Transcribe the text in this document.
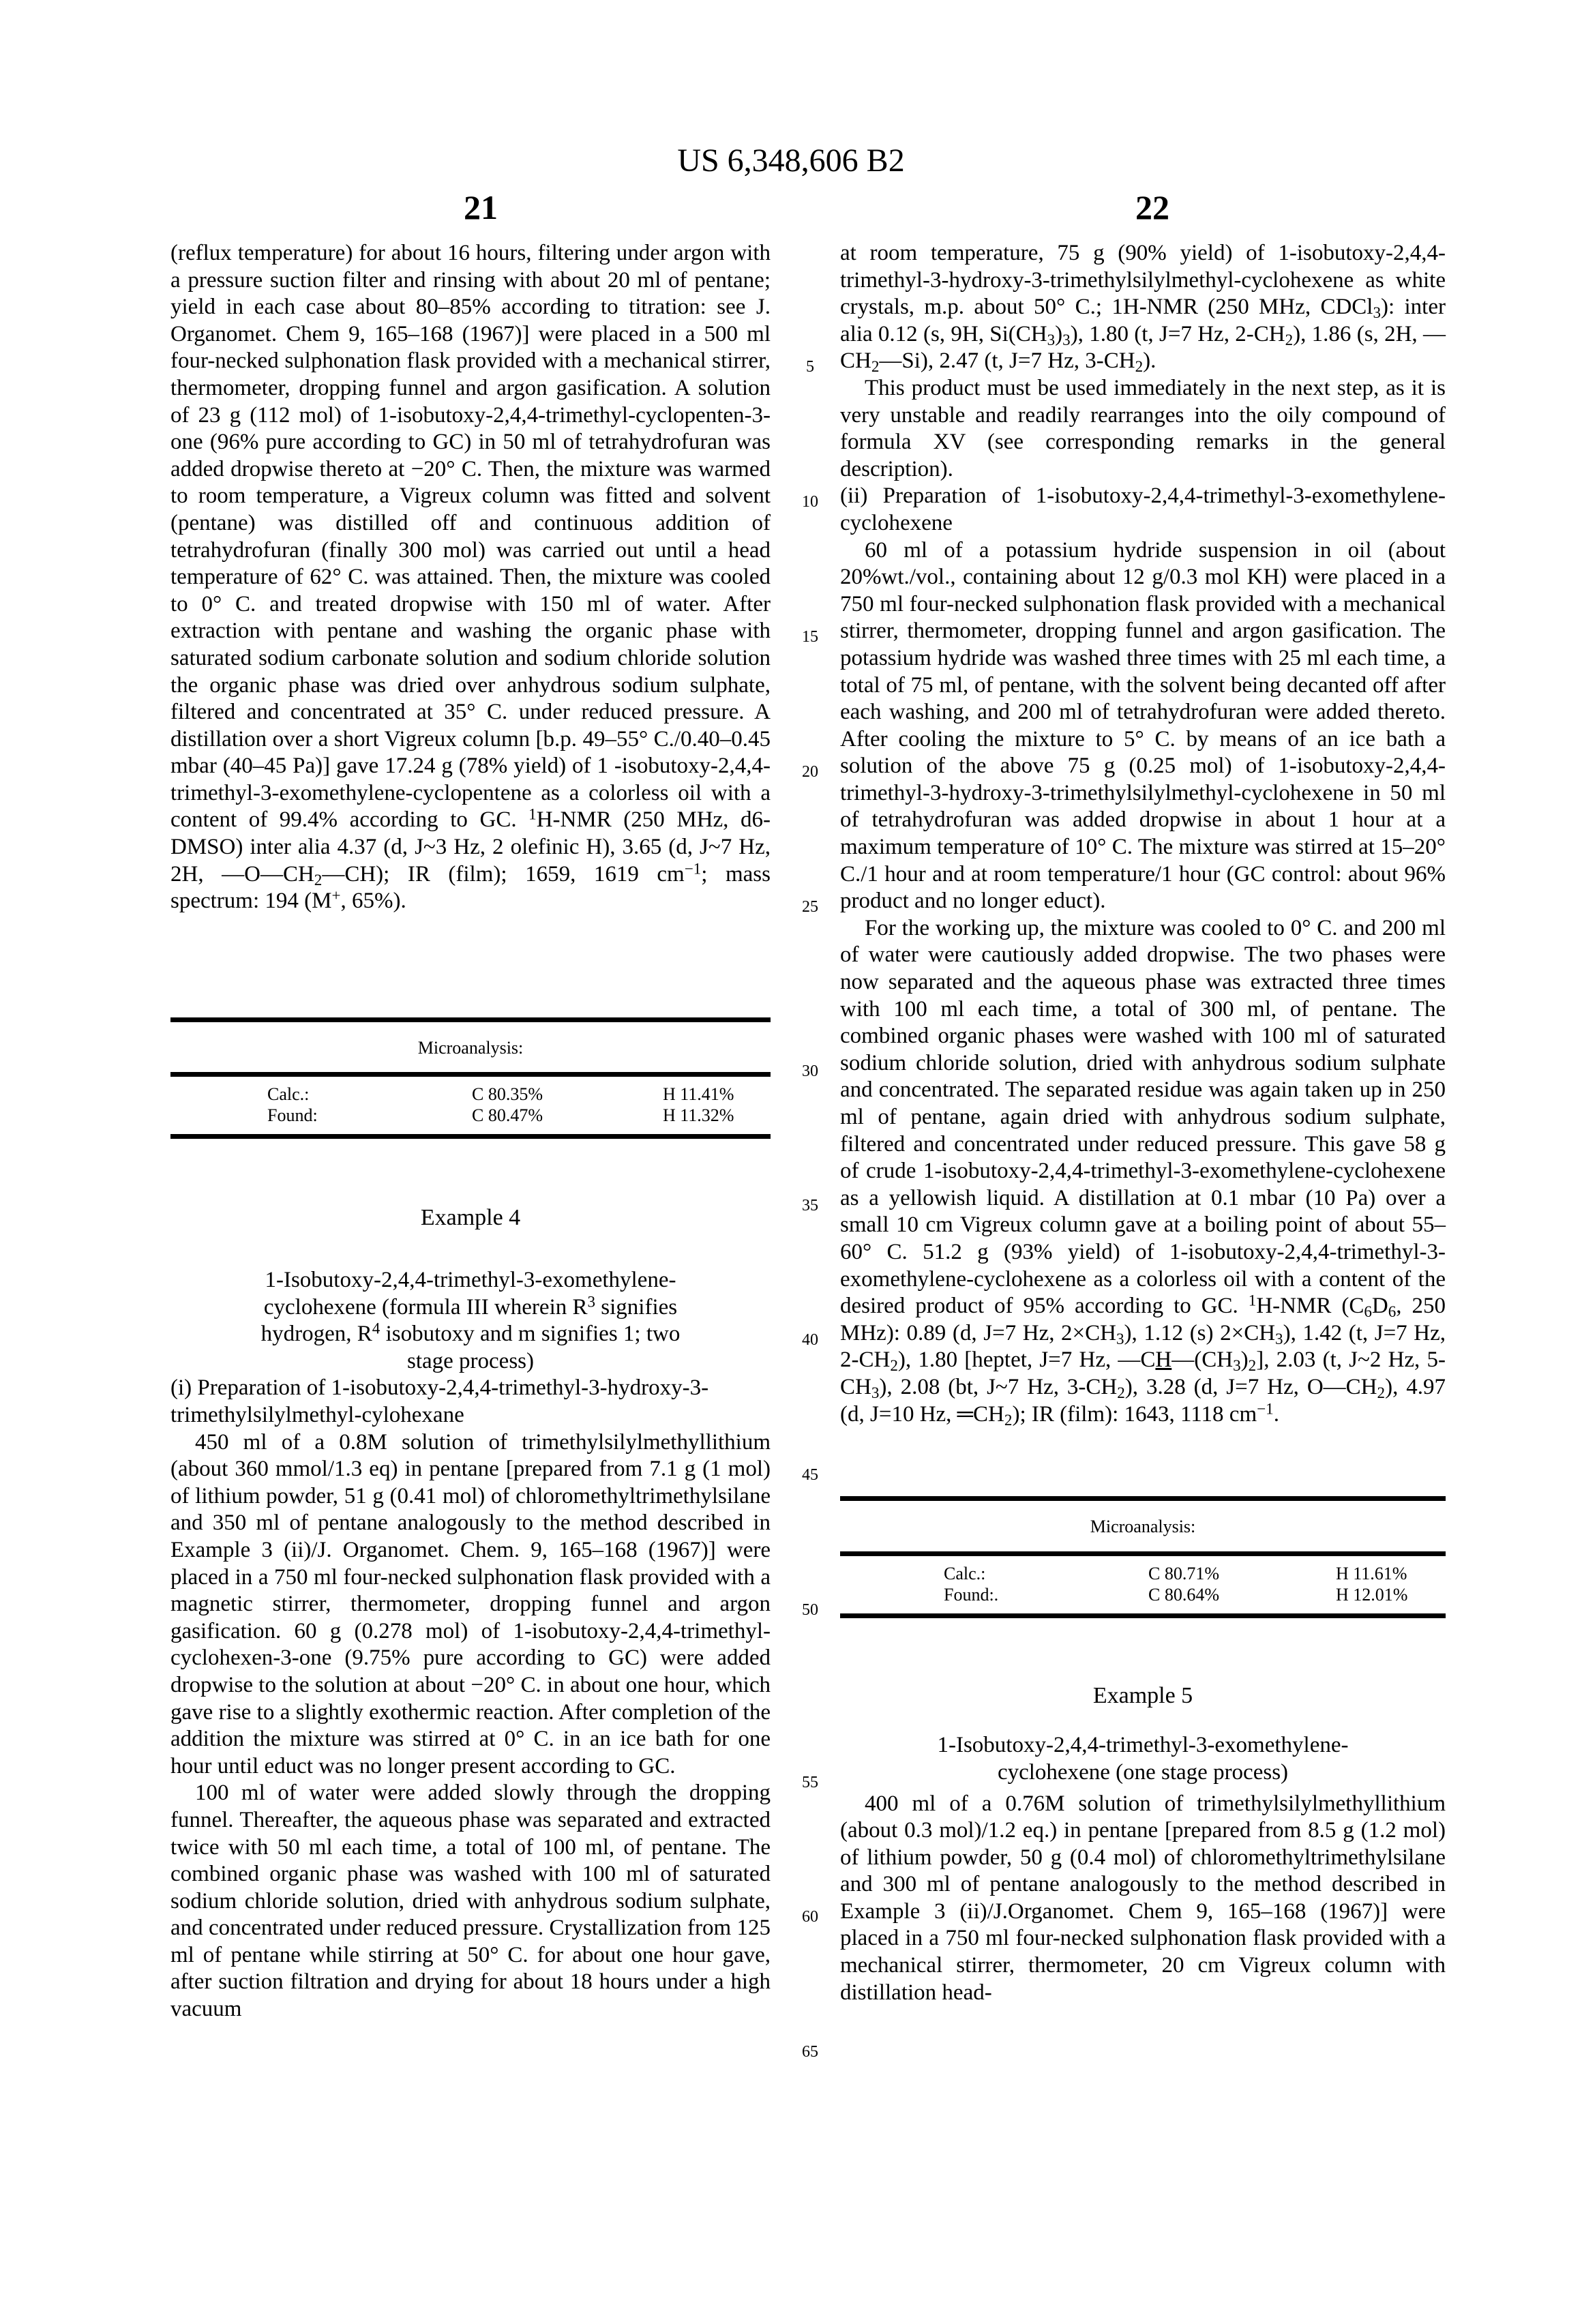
US 6,348,606 B2
21	22
5
10
15
20
25
30
35
40
45
50
55
60
65

(reflux temperature) for about 16 hours, filtering under argon with a pressure suction filter and rinsing with about 20 ml of pentane; yield in each case about 80–85% according to titration: see J. Organomet. Chem 9, 165–168 (1967)] were placed in a 500 ml four-necked sulphonation flask provided with a mechanical stirrer, thermometer, dropping funnel and argon gasification. A solution of 23 g (112 mol) of 1-isobutoxy-2,4,4-trimethyl-cyclopenten-3-one (96% pure according to GC) in 50 ml of tetrahydrofuran was added dropwise thereto at −20° C. Then, the mixture was warmed to room temperature, a Vigreux column was fitted and solvent (pentane) was distilled off and continuous addition of tetrahydrofuran (finally 300 mol) was carried out until a head temperature of 62° C. was attained. Then, the mixture was cooled to 0° C. and treated dropwise with 150 ml of water. After extraction with pentane and washing the organic phase with saturated sodium carbonate solution and sodium chloride solution the organic phase was dried over anhydrous sodium sulphate, filtered and concentrated at 35° C. under reduced pressure. A distillation over a short Vigreux column [b.p. 49–55° C./0.40–0.45 mbar (40–45 Pa)] gave 17.24 g (78% yield) of 1 -isobutoxy-2,4,4-trimethyl-3-exomethylene-cyclopentene as a colorless oil with a content of 99.4% according to GC. $^1$H-NMR (250 MHz, d6-DMSO) inter alia 4.37 (d, J~3 Hz, 2 olefinic H), 3.65 (d, J~7 Hz, 2H, $—O—CH_2—CH$); IR (film); 1659, 1619 $cm^{-1}$; mass spectrum: 194 (M+, 65%).

Microanalysis:
Calc.:	C 80.35%	H 11.41%
Found:	C 80.47%	H 11.32%
Example 4
1-Isobutoxy-2,4,4-trimethyl-3-exomethylene-
cyclohexene (formula III wherein $R^3$ signifies
hydrogen, $R^4$ isobutoxy and m signifies 1; two
stage process)

(i) Preparation of 1-isobutoxy-2,4,4-trimethyl-3-hydroxy-3-trimethylsilylmethyl-cylohexane

450 ml of a 0.8M solution of trimethylsilylmethyllithium (about 360 mmol/1.3 eq) in pentane [prepared from 7.1 g (1 mol) of lithium powder, 51 g (0.41 mol) of chloromethyltrimethylsilane and 350 ml of pentane analogously to the method described in Example 3 (ii)/J. Organomet. Chem. 9, 165–168 (1967)] were placed in a 750 ml four-necked sulphonation flask provided with a magnetic stirrer, thermometer, dropping funnel and argon gasification. 60 g (0.278 mol) of 1-isobutoxy-2,4,4-trimethyl-cyclohexen-3-one (9.75% pure according to GC) were added dropwise to the solution at about −20° C. in about one hour, which gave rise to a slightly exothermic reaction. After completion of the addition the mixture was stirred at 0° C. in an ice bath for one hour until educt was no longer present according to GC.

100 ml of water were added slowly through the dropping funnel. Thereafter, the aqueous phase was separated and extracted twice with 50 ml each time, a total of 100 ml, of pentane. The combined organic phase was washed with 100 ml of saturated sodium chloride solution, dried with anhydrous sodium sulphate, and concentrated under reduced pressure. Crystallization from 125 ml of pentane while stirring at 50° C. for about one hour gave, after suction filtration and drying for about 18 hours under a high vacuum

at room temperature, 75 g (90% yield) of 1-isobutoxy-2,4,4-trimethyl-3-hydroxy-3-trimethylsilylmethyl-cyclohexene as white crystals, m.p. about 50° C.; 1H-NMR (250 MHz, CDCl$_3$): inter alia 0.12 (s, 9H, $Si(CH_3)_3$), 1.80 (t, J=7 Hz, $2-CH_2$), 1.86 (s, 2H, $—CH_2—Si$), 2.47 (t, J=7 Hz, $3-CH_2$).

This product must be used immediately in the next step, as it is very unstable and readily rearranges into the oily compound of formula XV (see corresponding remarks in the general description).

(ii) Preparation of 1-isobutoxy-2,4,4-trimethyl-3-exomethylene-cyclohexene

60 ml of a potassium hydride suspension in oil (about 20%wt./vol., containing about 12 g/0.3 mol KH) were placed in a 750 ml four-necked sulphonation flask provided with a mechanical stirrer, thermometer, dropping funnel and argon gasification. The potassium hydride was washed three times with 25 ml each time, a total of 75 ml, of pentane, with the solvent being decanted off after each washing, and 200 ml of tetrahydrofuran were added thereto. After cooling the mixture to 5° C. by means of an ice bath a solution of the above 75 g (0.25 mol) of 1-isobutoxy-2,4,4-trimethyl-3-hydroxy-3-trimethylsilylmethyl-cyclohexene in 50 ml of tetrahydrofuran was added dropwise in about 1 hour at a maximum temperature of 10° C. The mixture was stirred at 15–20° C./1 hour and at room temperature/1 hour (GC control: about 96% product and no longer educt).

For the working up, the mixture was cooled to 0° C. and 200 ml of water were cautiously added dropwise. The two phases were now separated and the aqueous phase was extracted three times with 100 ml each time, a total of 300 ml, of pentane. The combined organic phases were washed with 100 ml of saturated sodium chloride solution, dried with anhydrous sodium sulphate and concentrated. The separated residue was again taken up in 250 ml of pentane, again dried with anhydrous sodium sulphate, filtered and concentrated under reduced pressure. This gave 58 g of crude 1-isobutoxy-2,4,4-trimethyl-3-exomethylene-cyclohexene as a yellowish liquid. A distillation at 0.1 mbar (10 Pa) over a small 10 cm Vigreux column gave at a boiling point of about 55–60° C. 51.2 g (93% yield) of 1-isobutoxy-2,4,4-trimethyl-3-exomethylene-cyclohexene as a colorless oil with a content of the desired product of 95% according to GC. $^1$H-NMR ($C_6D_6$, 250 MHz): 0.89 (d, J=7 Hz, $2\times CH_3$), 1.12 (s) $2\times CH_3$), 1.42 (t, J=7 Hz, $2-CH_2$), 1.80 [heptet, J=7 Hz, $—CH—(CH_3)_2$], 2.03 (t, J~2 Hz, $5-CH_3$), 2.08 (bt, J~7 Hz, $3-CH_2$), 3.28 (d, J=7 Hz, $O—CH_2$), 4.97 (d, J=10 Hz, $═CH_2$); IR (film): 1643, 1118 $cm^{-1}$.

Microanalysis:
Calc.:	C 80.71%	H 11.61%
Found:.	C 80.64%	H 12.01%
Example 5
1-Isobutoxy-2,4,4-trimethyl-3-exomethylene-
cyclohexene (one stage process)

400 ml of a 0.76M solution of trimethylsilylmethyllithium (about 0.3 mol)/1.2 eq.) in pentane [prepared from 8.5 g (1.2 mol) of lithium powder, 50 g (0.4 mol) of chloromethyltrimethylsilane and 300 ml of pentane analogously to the method described in Example 3 (ii)/J.Organomet. Chem 9, 165–168 (1967)] were placed in a 750 ml four-necked sulphonation flask provided with a mechanical stirrer, thermometer, 20 cm Vigreux column with distillation head-
